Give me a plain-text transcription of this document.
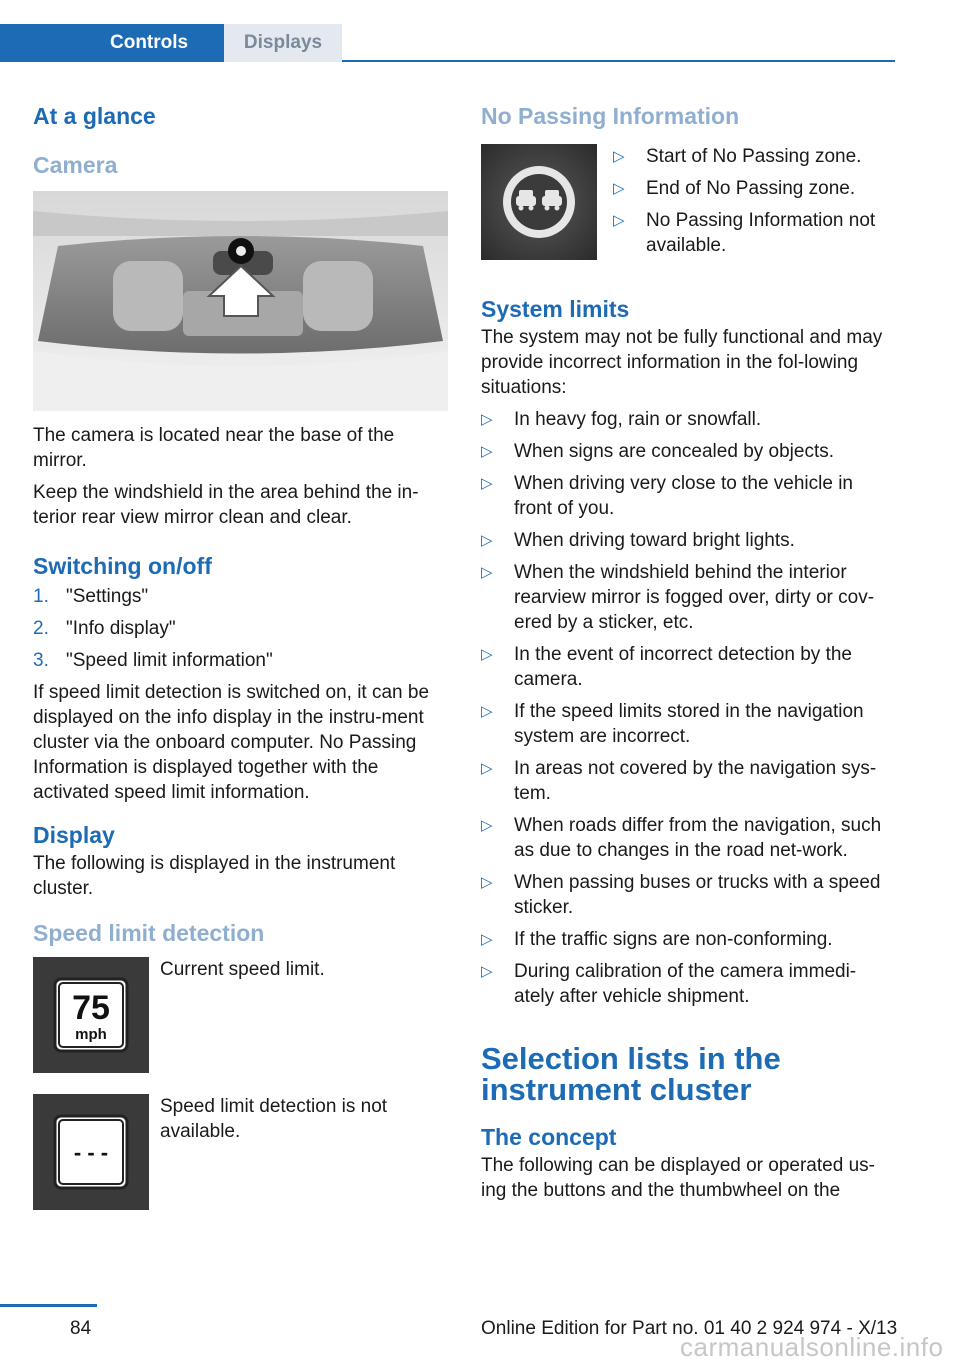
Controls	Displays
At a glance
Camera

The camera is located near the base of the mirror.

Keep the windshield in the area behind the in-terior rear view mirror clean and clear.

Switching on/off
1. "Settings"
2. "Info display"
3. "Speed limit information"

If speed limit detection is switched on, it can be displayed on the info display in the instru-ment cluster via the onboard computer. No Passing Information is displayed together with the activated speed limit information.

Display

The following is displayed in the instrument cluster.

Speed limit detection
75
mph

Current speed limit.

- - -

Speed limit detection is not available.

No Passing Information
▷ Start of No Passing zone.
▷ End of No Passing zone.
▷ No Passing Information not available.
System limits

The system may not be fully functional and may provide incorrect information in the fol-lowing situations:

▷ In heavy fog, rain or snowfall.
▷ When signs are concealed by objects.
▷ When driving very close to the vehicle in front of you.
▷ When driving toward bright lights.
▷ When the windshield behind the interior rearview mirror is fogged over, dirty or cov-ered by a sticker, etc.
▷ In the event of incorrect detection by the camera.
▷ If the speed limits stored in the navigation system are incorrect.
▷ In areas not covered by the navigation sys-tem.
▷ When roads differ from the navigation, such as due to changes in the road net-work.
▷ When passing buses or trucks with a speed sticker.
▷ If the traffic signs are non-conforming.
▷ During calibration of the camera immedi-ately after vehicle shipment.
Selection lists in the instrument cluster
The concept

The following can be displayed or operated us-ing the buttons and the thumbwheel on the

84	Online Edition for Part no. 01 40 2 924 974 - X/13
carmanualsonline.info
